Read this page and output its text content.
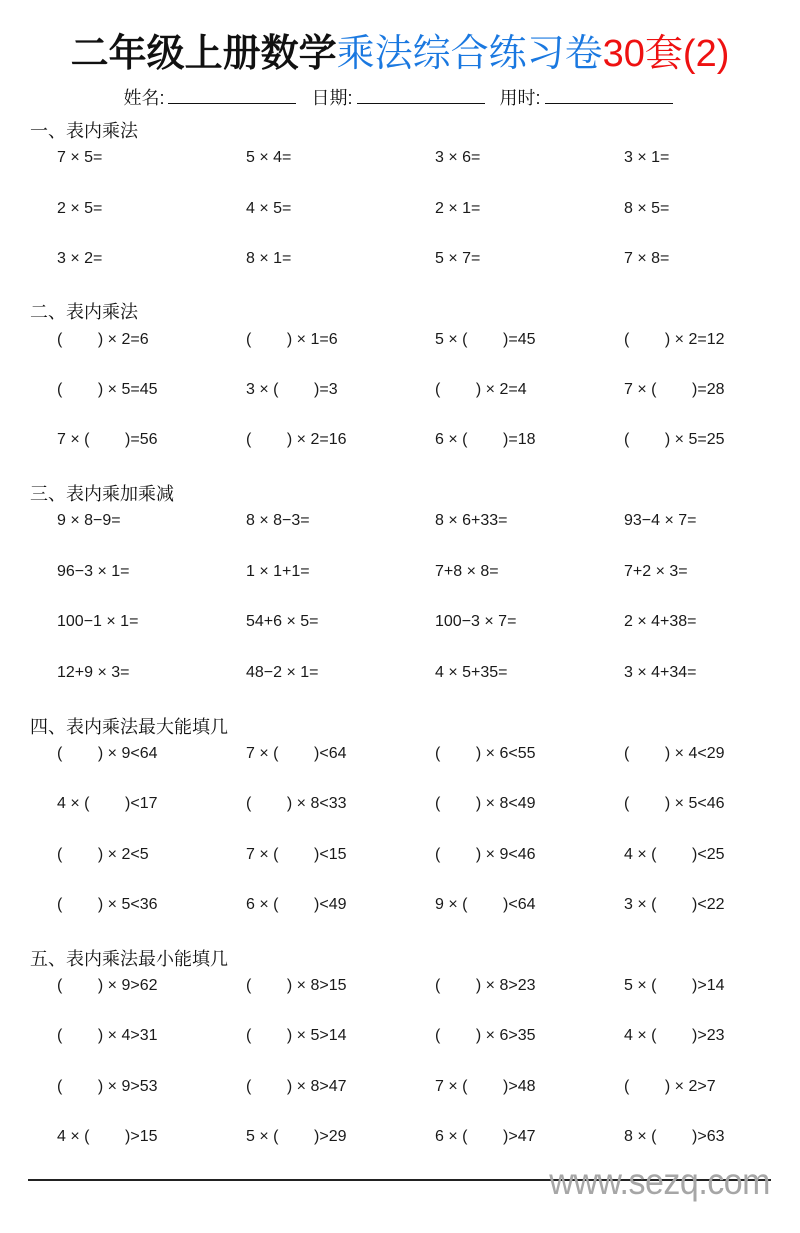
二年级上册数学乘法综合练习卷30套(2)
姓名:	日期:	用时:
一、表内乘法
7 × 5=	5 × 4=	3 × 6=	3 × 1=
2 × 5=	4 × 5=	2 × 1=	8 × 5=
3 × 2=	8 × 1=	5 × 7=	7 × 8=
二、表内乘法
(        ) × 2=6	(        ) × 1=6	5 × (        )=45	(        ) × 2=12
(        ) × 5=45	3 × (        )=3	(        ) × 2=4	7 × (        )=28
7 × (        )=56	(        ) × 2=16	6 × (        )=18	(        ) × 5=25
三、表内乘加乘减
9 × 8−9=	8 × 8−3=	8 × 6+33=	93−4 × 7=
96−3 × 1=	1 × 1+1=	7+8 × 8=	7+2 × 3=
100−1 × 1=	54+6 × 5=	100−3 × 7=	2 × 4+38=
12+9 × 3=	48−2 × 1=	4 × 5+35=	3 × 4+34=
四、表内乘法最大能填几
(        ) × 9<64	7 × (        )<64	(        ) × 6<55	(        ) × 4<29
4 × (        )<17	(        ) × 8<33	(        ) × 8<49	(        ) × 5<46
(        ) × 2<5	7 × (        )<15	(        ) × 9<46	4 × (        )<25
(        ) × 5<36	6 × (        )<49	9 × (        )<64	3 × (        )<22
五、表内乘法最小能填几
(        ) × 9>62	(        ) × 8>15	(        ) × 8>23	5 × (        )>14
(        ) × 4>31	(        ) × 5>14	(        ) × 6>35	4 × (        )>23
(        ) × 9>53	(        ) × 8>47	7 × (        )>48	(        ) × 2>7
4 × (        )>15	5 × (        )>29	6 × (        )>47	8 × (        )>63
www.sezq.com
